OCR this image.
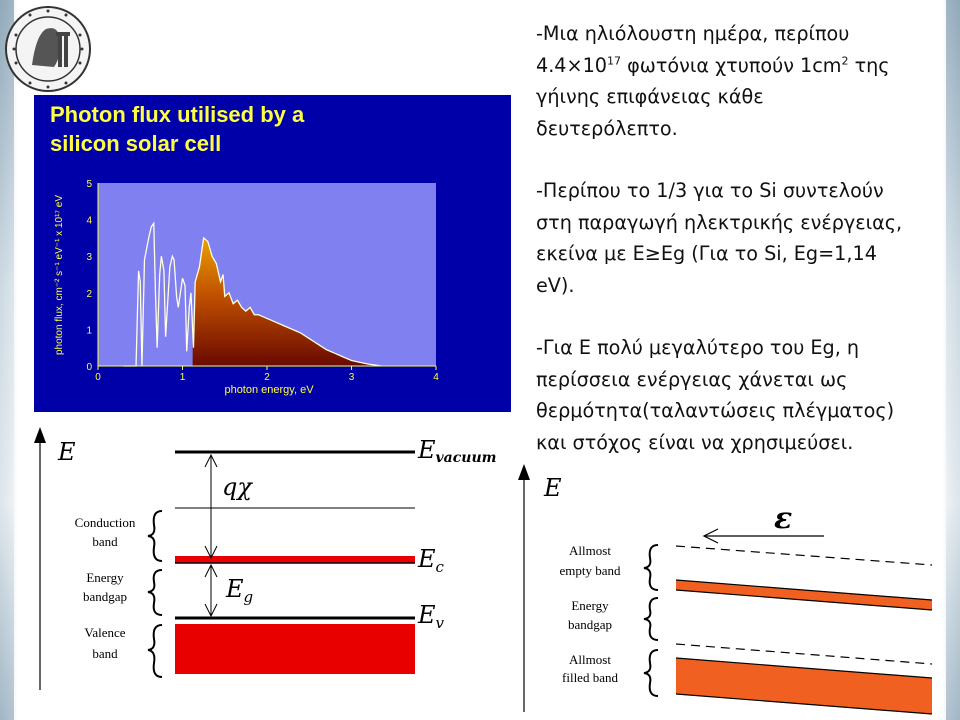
-Μια ηλιόλουστη ημέρα, περίπου
$4.4\times 10^{17}$ φωτόνια χτυπούν $1cm^2$ της
γήινης επιφάνειας κάθε
δευτερόλεπτο.

-Περίπου το 1/3 για το Si συντελούν
στη παραγωγή ηλεκτρικής ενέργειας,
εκείνα με E≥Eg (Για το Si, Eg=1,14
eV).

-Για Ε πολύ μεγαλύτερο του Eg, η
περίσσεια ενέργειας χάνεται ως
θερμότητα(ταλαντώσεις πλέγματος)
και στόχος είναι να χρησιμεύσει.

Photon flux utilised by a
silicon solar cell
0	1	2	3	4
0
1
2
3
4
5
photon energy, eV
photon flux, cm⁻² s⁻¹ eV⁻¹ x 10¹⁷ eV
E	Evacuum
$E_c$
$E_v$
qχ
$E_g$
Conduction
band
Energy
bandgap
Valence
band
E
ε
Allmost
empty band
Energy
bandgap
Allmost
filled band
